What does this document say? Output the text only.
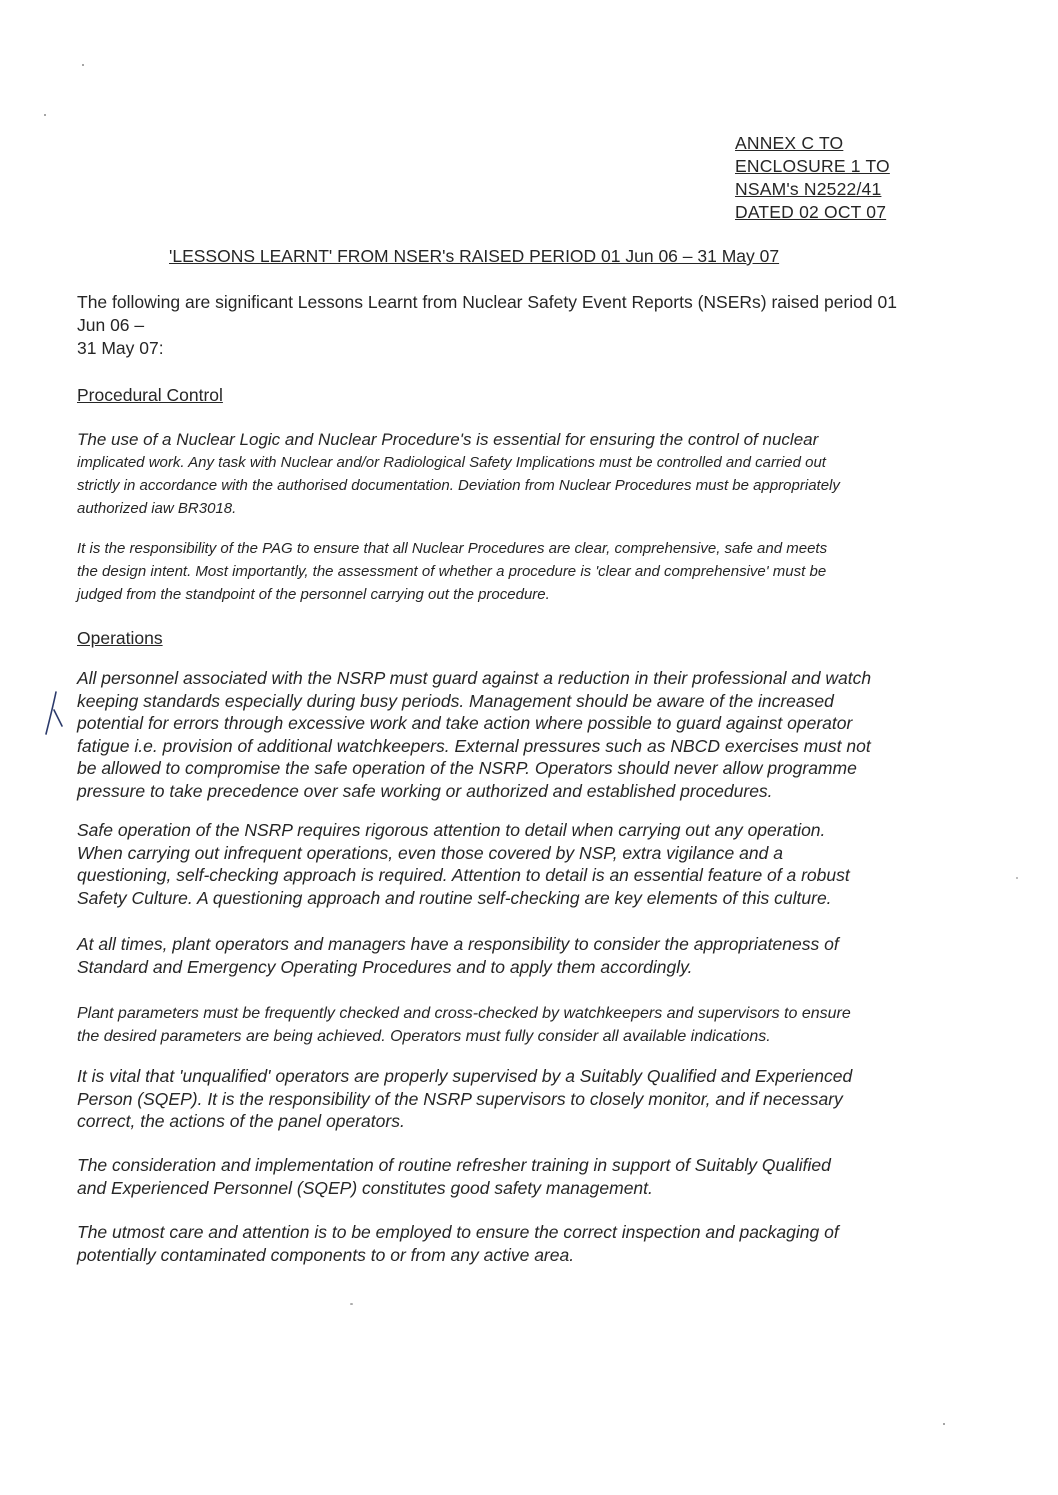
ANNEX C TO
ENCLOSURE 1 TO
NSAM's N2522/41
DATED 02 OCT 07
'LESSONS LEARNT' FROM NSER's RAISED PERIOD 01 Jun 06 – 31 May 07
The following are significant Lessons Learnt from Nuclear Safety Event Reports (NSERs) raised period 01
Jun 06 –
31 May 07:
Procedural Control
The use of a Nuclear Logic and Nuclear Procedure's is essential for ensuring the control of nuclear
implicated work. Any task with Nuclear and/or Radiological Safety Implications must be controlled and carried out
strictly in accordance with the authorised documentation. Deviation from Nuclear Procedures must be appropriately
authorized iaw BR3018.
It is the responsibility of the PAG to ensure that all Nuclear Procedures are clear, comprehensive, safe and meets
the design intent. Most importantly, the assessment of whether a procedure is 'clear and comprehensive' must be
judged from the standpoint of the personnel carrying out the procedure.
Operations
All personnel associated with the NSRP must guard against a reduction in their professional and watch
keeping standards especially during busy periods. Management should be aware of the increased
potential for errors through excessive work and take action where possible to guard against operator
fatigue i.e. provision of additional watchkeepers. External pressures such as NBCD exercises must not
be allowed to compromise the safe operation of the NSRP. Operators should never allow programme
pressure to take precedence over safe working or authorized and established procedures.
Safe operation of the NSRP requires rigorous attention to detail when carrying out any operation.
When carrying out infrequent operations, even those covered by NSP, extra vigilance and a
questioning, self-checking approach is required. Attention to detail is an essential feature of a robust
Safety Culture. A questioning approach and routine self-checking are key elements of this culture.
At all times, plant operators and managers have a responsibility to consider the appropriateness of
Standard and Emergency Operating Procedures and to apply them accordingly.
Plant parameters must be frequently checked and cross-checked by watchkeepers and supervisors to ensure
the desired parameters are being achieved. Operators must fully consider all available indications.
It is vital that 'unqualified' operators are properly supervised by a Suitably Qualified and Experienced
Person (SQEP). It is the responsibility of the NSRP supervisors to closely monitor, and if necessary
correct, the actions of the panel operators.
The consideration and implementation of routine refresher training in support of Suitably Qualified
and Experienced Personnel (SQEP) constitutes good safety management.
The utmost care and attention is to be employed to ensure the correct inspection and packaging of
potentially contaminated components to or from any active area.
